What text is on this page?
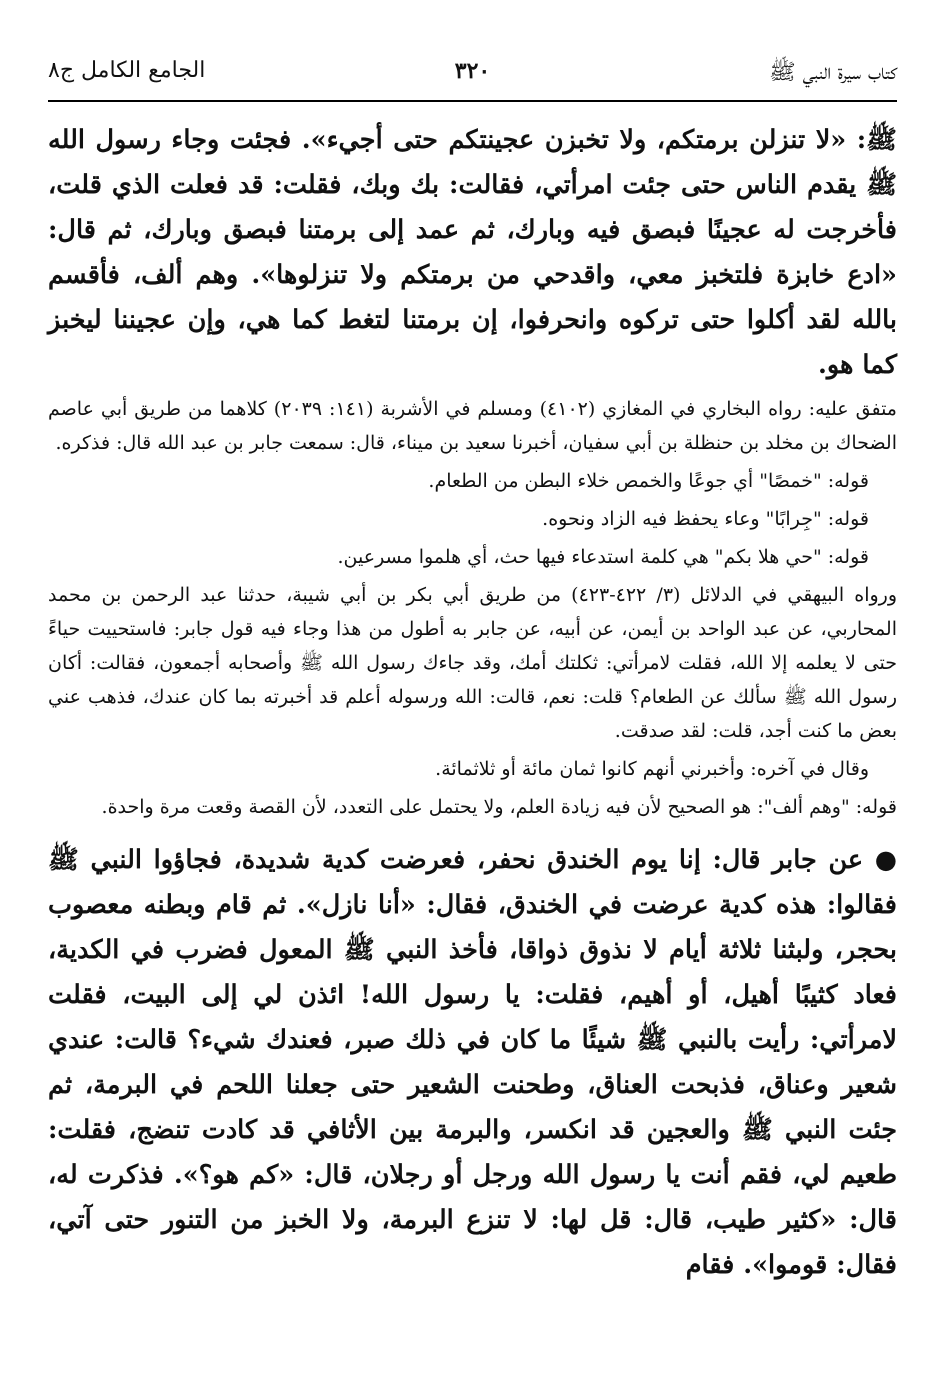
كتاب سيرة النبي ﷺ
٣٢٠
الجامع الكامل ج٨

ﷺ: «لا تنزلن برمتكم، ولا تخبزن عجينتكم حتى أجيء». فجئت وجاء رسول الله ﷺ يقدم الناس حتى جئت امرأتي، فقالت: بك وبك، فقلت: قد فعلت الذي قلت، فأخرجت له عجينًا فبصق فيه وبارك، ثم عمد إلى برمتنا فبصق وبارك، ثم قال: «ادع خابزة فلتخبز معي، واقدحي من برمتكم ولا تنزلوها». وهم ألف، فأقسم بالله لقد أكلوا حتى تركوه وانحرفوا، إن برمتنا لتغط كما هي، وإن عجيننا ليخبز كما هو.

متفق عليه: رواه البخاري في المغازي (٤١٠٢) ومسلم في الأشربة (١٤١: ٢٠٣٩) كلاهما من طريق أبي عاصم الضحاك بن مخلد بن حنظلة بن أبي سفيان، أخبرنا سعيد بن ميناء، قال: سمعت جابر بن عبد الله قال: فذكره.

قوله: "خمصًا" أي جوعًا والخمص خلاء البطن من الطعام.

قوله: "جِرابًا" وعاء يحفظ فيه الزاد ونحوه.

قوله: "حي هلا بكم" هي كلمة استدعاء فيها حث، أي هلموا مسرعين.

ورواه البيهقي في الدلائل (٣/ ٤٢٢-٤٢٣) من طريق أبي بكر بن أبي شيبة، حدثنا عبد الرحمن بن محمد المحاربي، عن عبد الواحد بن أيمن، عن أبيه، عن جابر به أطول من هذا وجاء فيه قول جابر: فاستحييت حياءً حتى لا يعلمه إلا الله، فقلت لامرأتي: ثكلتك أمك، وقد جاءك رسول الله ﷺ وأصحابه أجمعون، فقالت: أكان رسول الله ﷺ سألك عن الطعام؟ قلت: نعم، قالت: الله ورسوله أعلم قد أخبرته بما كان عندك، فذهب عني بعض ما كنت أجد، قلت: لقد صدقت.

وقال في آخره: وأخبرني أنهم كانوا ثمان مائة أو ثلاثمائة.

قوله: "وهم ألف": هو الصحيح لأن فيه زيادة العلم، ولا يحتمل على التعدد، لأن القصة وقعت مرة واحدة.

● عن جابر قال: إنا يوم الخندق نحفر، فعرضت كدية شديدة، فجاؤوا النبي ﷺ فقالوا: هذه كدية عرضت في الخندق، فقال: «أنا نازل». ثم قام وبطنه معصوب بحجر، ولبثنا ثلاثة أيام لا نذوق ذواقا، فأخذ النبي ﷺ المعول فضرب في الكدية، فعاد كثيبًا أهيل، أو أهيم، فقلت: يا رسول الله! ائذن لي إلى البيت، فقلت لامرأتي: رأيت بالنبي ﷺ شيئًا ما كان في ذلك صبر، فعندك شيء؟ قالت: عندي شعير وعناق، فذبحت العناق، وطحنت الشعير حتى جعلنا اللحم في البرمة، ثم جئت النبي ﷺ والعجين قد انكسر، والبرمة بين الأثافي قد كادت تنضج، فقلت: طعيم لي، فقم أنت يا رسول الله ورجل أو رجلان، قال: «كم هو؟». فذكرت له، قال: «كثير طيب، قال: قل لها: لا تنزع البرمة، ولا الخبز من التنور حتى آتي، فقال: قوموا». فقام
